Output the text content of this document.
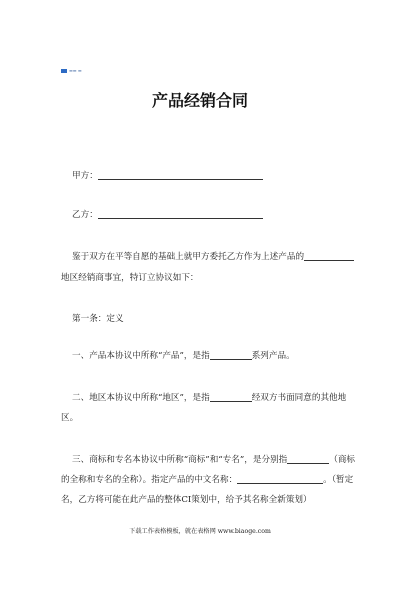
▬▬ ▬
产品经销合同
甲方：
乙方：
鉴于双方在平等自愿的基础上就甲方委托乙方作为上述产品的
地区经销商事宜，特订立协议如下：
第一条：定义
一、产品本协议中所称“产品”，是指	系列产品。
二、地区本协议中所称“地区”，是指	经双方书面同意的其他地
区。
三、商标和专名本协议中所称“商标”和“专名”，是分别指	（商标
的全称和专名的全称）。指定产品的中文名称：	。（暂定
名，乙方将可能在此产品的整体CI策划中，给予其名称全新策划）
下载工作表格模板，就在表格网 www.biaoge.com
